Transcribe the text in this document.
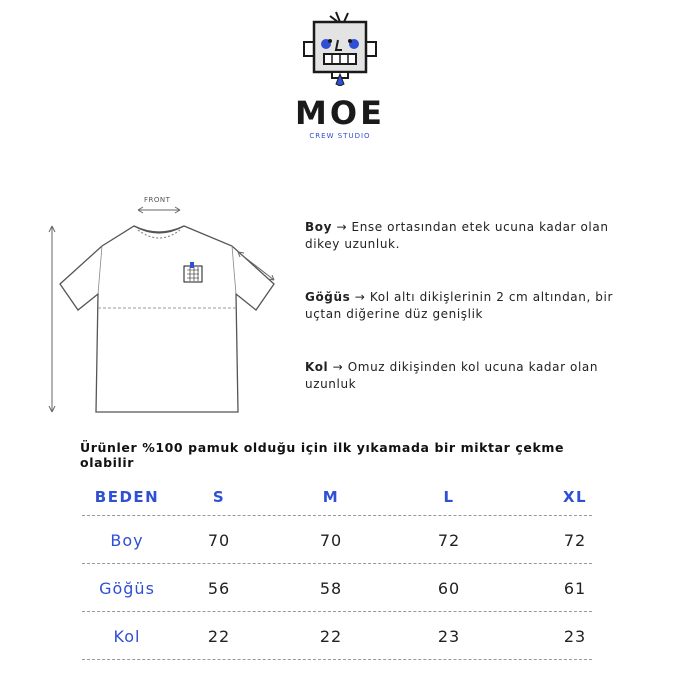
MOE
CREW STUDIO
FRONT
Boy → Ense ortasından etek ucuna kadar olan dikey uzunluk.
Göğüs → Kol altı dikişlerinin 2 cm altından, bir uçtan diğerine düz genişlik
Kol → Omuz dikişinden kol ucuna kadar olan uzunluk
Ürünler %100 pamuk olduğu için ilk yıkamada bir miktar çekme olabilir
BEDEN	S	M	L	XL
Boy	70	70	72	72
Göğüs	56	58	60	61
Kol	22	22	23	23
